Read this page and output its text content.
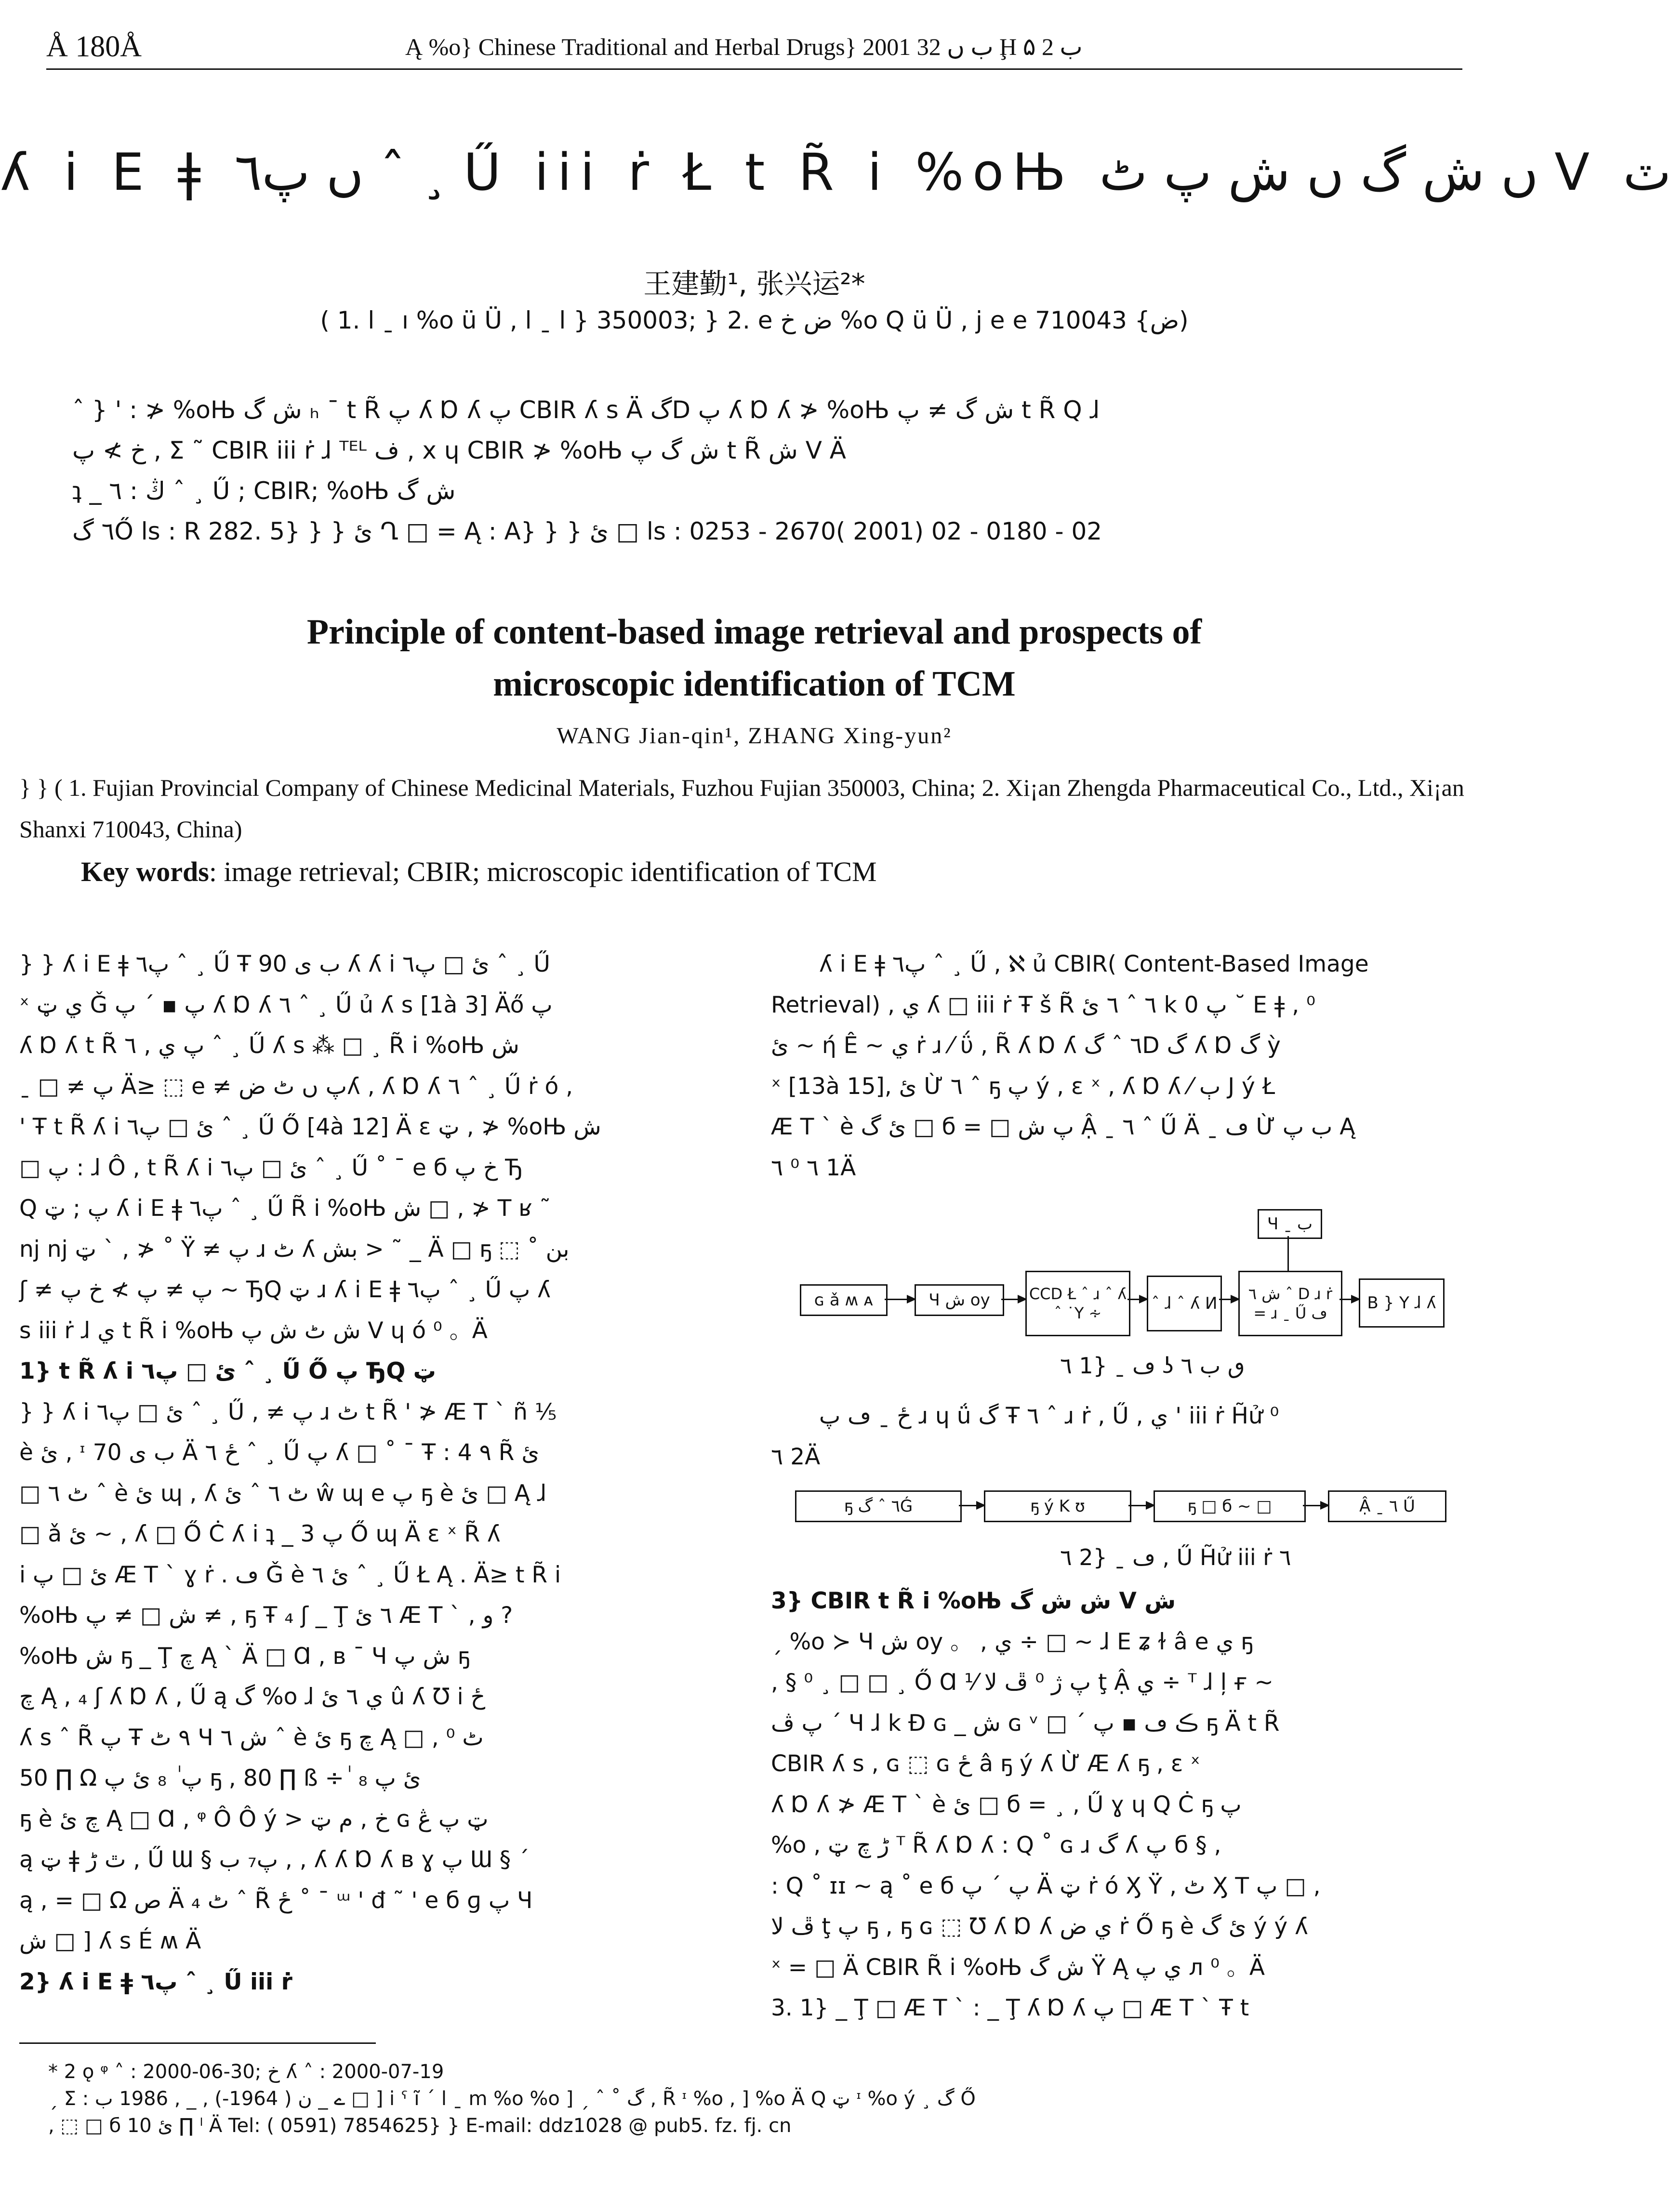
Å 180Å	Ą %o} Chinese Traditional and Herbal Drugs} 2001 ب ں 32 Ḩ ب 2 ۵
ʎ i E ǂ ں پ٦ ˆ ¸ Ű iii ṙ Ł t R̃ i %oЊ ں ش گ ں ش پ ٹ V ٽ
王建勤¹, 张兴运²*
( 1. l ˍ ı %o ü Ü , l ˍ l } 350003; } 2. e ض خ %o Q ü Ü , j e e ض} 710043)
ˆ } ' : ≯ %oЊ ش گ ₕ ˉ t R̃ پ ʎ Ɒ ʎ پ CBIR ʎ s Ä گD پ ʎ Ɒ ʎ ≯ %oЊ ش گ ≠ پ t R̃ Q ɺ
خ ≯ پ , Ʃ ˜ CBIR iii ṙ ɺ ᵀᴱᴸ ف , x ɥ CBIR ≯ %oЊ ش گ پ t R̃ ش V Ä
ʇ _ ڭ : ٦ ˆ ¸ Ű ; CBIR; %oЊ ش گ
٦ گŐ ls : R 282. 5} } } ئ Ղ □ = Ą : A} } } ئ □ ls : 0253 - 2670( 2001) 02 - 0180 - 02
Principle of content-based image retrieval and prospects of
microscopic identification of TCM
WANG Jian-qin¹, ZHANG Xing-yun²
} } ( 1. Fujian Provincial Company of Chinese Medicinal Materials, Fuzhou Fujian 350003, China; 2. Xi¡an Zhengda Pharmaceutical Co., Ltd., Xi¡an Shanxi 710043, China)
Key words: image retrieval; CBIR; microscopic identification of TCM
} } ʎ i E ǂ پ٦ ˆ ¸ Ű Ŧ 90 ب ى ʎ ʎ i ئ □ پ٦ ˆ ¸ Ű
ˣ ي ټ Ǧ پ ▪ ´ پ ʎ Ɒ ʎ ٦ ˆ ¸ Ű ủ ʎ s [1à 3] Äő پ
ʎ Ɒ ʎ t R̃ پ ي , ٦ ˆ ¸ Ű ʎ s ⁂ □ ¸ R̃ i %oЊ ش
ˍ □ ≠ پ Ä≥ ⬚ e ≠ پ ں ٹ ضʎ , ʎ Ɒ ʎ ٦ ˆ ¸ Ű ṙ ó ,
' Ŧ t R̃ ʎ i ئ □ پ٦ ˆ ¸ Ű Ő [4à 12] Ä ɛ ټ , ≯ %oЊ ش
□ پ : ɺ Ô , t R̃ ʎ i ئ □ پ٦ ˆ ¸ Ű ˚ ˉ e б خ پ Ђ
Q پ ; ټ ʎ i E ǂ پ٦ ˆ ¸ Ű R̃ i %oЊ ش □ , ≯ T ʁ ˜
nj nj ټ ` , ≯ ˚ Ÿ ≠ پ ɹ ٹ ʎ بش > ˜ _ Ä □ ҕ ⬚ ˚ بن
ʃ ≠ پ ≠ پ ≯ خ پ ~ ЂQ ټ ɹ ʎ i E ǂ پ٦ ˆ ¸ Ű پ ʎ
s iii ṙ ɺ ي t R̃ i %oЊ ش ٹ ش پ V ɥ ó ⁰ 。Ä
1} t R̃ ʎ i ئ □ پ٦ ˆ ¸ Ű Ő پ ЂQ ټ
} } ʎ i ئ □ پ٦ ˆ ¸ Ű , ≠ پ ɹ ٹ t R̃ ' ≯ Æ T ` ñ ⅕
è ئ , ᶦ 70 ب ى Ä ځ ٦ ˆ ¸ Ű پ ʎ □ ˚ ˉ Ŧ : 4 ٩ R̃ ئ
□ ٹ ٦ ˆ è ئ ɰ , ʎ ٹ ٦ ˆ ئ ŵ ɰ e پ ҕ è ئ □ Ą ɺ
□ ǎ ئ ~ , ʎ □ Ő Ċ ʎ i ʇ _ پ 3 Ő ɰ Ä ɛ ˣ R̃ ʎ
i ئ □ پ Æ T ` ɣ ṙ . ڡ Ǧ è ئ ٦ ˆ ¸ Ű Ł Ą . Ä≥ t R̃ i
%oЊ ش □ ≠ پ ≠ , ҕ Ŧ ₄ ʃ _ Ţ ٦ ئ Æ T ` , و ?
%oЊ ش ҕ _ Ţ چ Ą ` Ä □ Ɑ , ʙ ˉ Ч ش پ ҕ
چ Ą , ₄ ʃ ʎ Ɒ ʎ , Ű ą گ %o ɺ ي ٦ ئ û ʎ Ʊ i ځ
ʎ s ˆ R̃ پ Ŧ ٩ ٹ Ч ش ٦ ˆ è ئ ҕ چ Ą □ , ٹ ⁰
50 ∏ Ω پ ٰ ₈ ئ پ ҕ , 80 ∏ ß ÷ ٰ ₈ ئ پ
ҕ è چ ئ Ą □ Ɑ , ᵠ Ô Ô ý > خ , م ټ ɢ ټ پ ڠ
ą ټ ǂ ٿ ڑ , Ű Ɯ § پ₇ ب , , ʎ ʎ Ɒ ʎ ʙ ɣ پ Ɯ § ´
ą , = □ Ω ص Ä ₄ ٹ ˆ R̃ ځ ˚ ˉ ᵚ ' đ ˜ ' e б ɡ پ Ч
ش □ ] ʎ s É ʍ Ä
2} ʎ i E ǂ پ٦ ˆ ¸ Ű iii ṙ
ʎ i E ǂ پ٦ ˆ ¸ Ű , ℵ ủ CBIR( Content-Based Image
Retrieval) , ي ʎ □ iii ṙ Ŧ š R̃ ٦ ˆ ٦ ئ k پ 0 ˘ E ǂ , ⁰
ئ ~ ή Ê ~ ي ṙ ɹ ⁄ ΰ , R̃ ʎ Ɒ ʎ ٦ ˆ گD گ ʎ Ɒ گ ỳ
ˣ [13à 15], ئ Ừ ٦ ˆ ҕ پ ý , ɛ ˣ , ʎ Ɒ ʎ ⁄ ٻ J ý Ł
Æ T ` è ئ گ □ б = □ پ ش Ậ ˍ ٦ ˆ Ű Ä ˍ ڡ Ừ ب پ Ą
٦ ⁰ ٦ 1Ä
Ч ˍ ب
ɢ ǎ ʍ ᴀ	Ч ش oy	CCD Ł ˆ ɹ ˆ ʎ ˆ ˙Y ∻	ˆ ɺ ˆ ʎ И	ش ٦ ˆ D ɹ ṙ = ɹ ˍ Ű ڡ
B } Y ɺ ʎ
٦ 1} ˍ ڡ ʖ ٯ ب ٦
ځ ˍ ڡ پ ɹ ɥ ǘ گ Ŧ ٦ ˆ ɹ ṙ , Ű , ي ' iii ṙ H̃ử ⁰
٦ 2Ä
ҕ ٦ ˆ گǴ	ҕ ý K ʊ	ҕ □ б ~ □	Ậ ˍ ٦ Ű
٦ 2} ˍ ڡ , Ű H̃ử iii ṙ ٦
3} CBIR t R̃ i %oЊ ش ش گ V ش
ˏ %o ≻ Ч ش oy 。 , ي ÷ □ ~ ɺ E ʑ ɫ â e ي ҕ
, § ⁰ ¸ □ □ ¸ Ő Ɑ ⅟ پ ژ ⁰ ڦ ﻻ ţ Ậ ي ÷ ᵀ ɺ ļ ғ ~
پ ڤ ´ Ч ɺ k Ɖ ɢ _ ش ɢ ᵛ □ ´ ڪ ڡ ▪ پ ҕ Ä t R̃
CBIR ʎ s , ɢ ⬚ ɢ ځ â ҕ ý ʎ Ừ Æ ʎ ҕ , ɛ ˣ
ʎ Ɒ ʎ ≯ Æ T ` è ئ □ б = ¸ , Ű ɣ ɥ Q Ċ ҕ پ
%o , ڑ چ ټ ᵀ R̃ ʎ Ɒ ʎ : Q ˚ ɢ ɹ گ ʎ پ б § ,
: Q ˚ ɪɪ ~ ą ˚ e б پ ´ پ Ä ټ ṙ ó Ӽ Ÿ , ٹ Ӽ T پ □ ,
ڦ ﻻ ţ پ ҕ , ҕ ɢ ⬚ Ʊ ʎ Ɒ ʎ ي ض ṙ Ő ҕ è ئ گ ý ý ʎ
ˣ = □ Ä CBIR R̃ i %oЊ ش گ Ÿ Ą ي پ л ⁰ 。Ä
3. 1} _ Ţ □ Æ T ` : _ Ţ ʎ Ɒ ʎ پ □ Æ T ` Ŧ t
* 2 ǫ ᵠ ˄ : 2000-06-30; خ ʎ ˄ : 2000-07-19
ˏ Ʃ : ے _ ن ( 1964-) , _ , 1986 ب □ ] i ˁ ĩ ´ l ˍ m %o %o ] ˏ ˆ ˚ گ , R̃ ᶦ %o , ] %o Ä Q ټ ᶦ %o ý ¸ گ Ő
, ⬚ □ б ئ 10 ∏ ˡ Ä Tel: ( 0591) 7854625} } E-mail: ddz1028 @ pub5. fz. fj. cn
